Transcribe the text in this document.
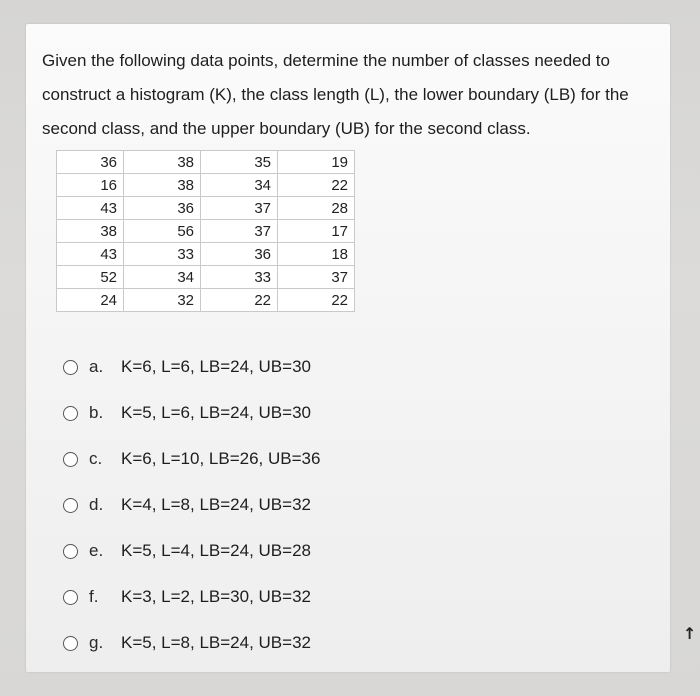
Given the following data points, determine the number of classes needed to construct a histogram (K), the class length (L), the lower boundary (LB) for the second class, and the upper boundary (UB) for the second class.

36	38	35	19
16	38	34	22
43	36	37	28
38	56	37	17
43	33	36	18
52	34	33	37
24	32	22	22
a.	K=6, L=6, LB=24, UB=30
b.	K=5, L=6, LB=24, UB=30
c.	K=6, L=10, LB=26, UB=36
d.	K=4, L=8, LB=24, UB=32
e.	K=5, L=4, LB=24, UB=28
f.	K=3, L=2, LB=30, UB=32
g.	K=5, L=8, LB=24, UB=32	↑
